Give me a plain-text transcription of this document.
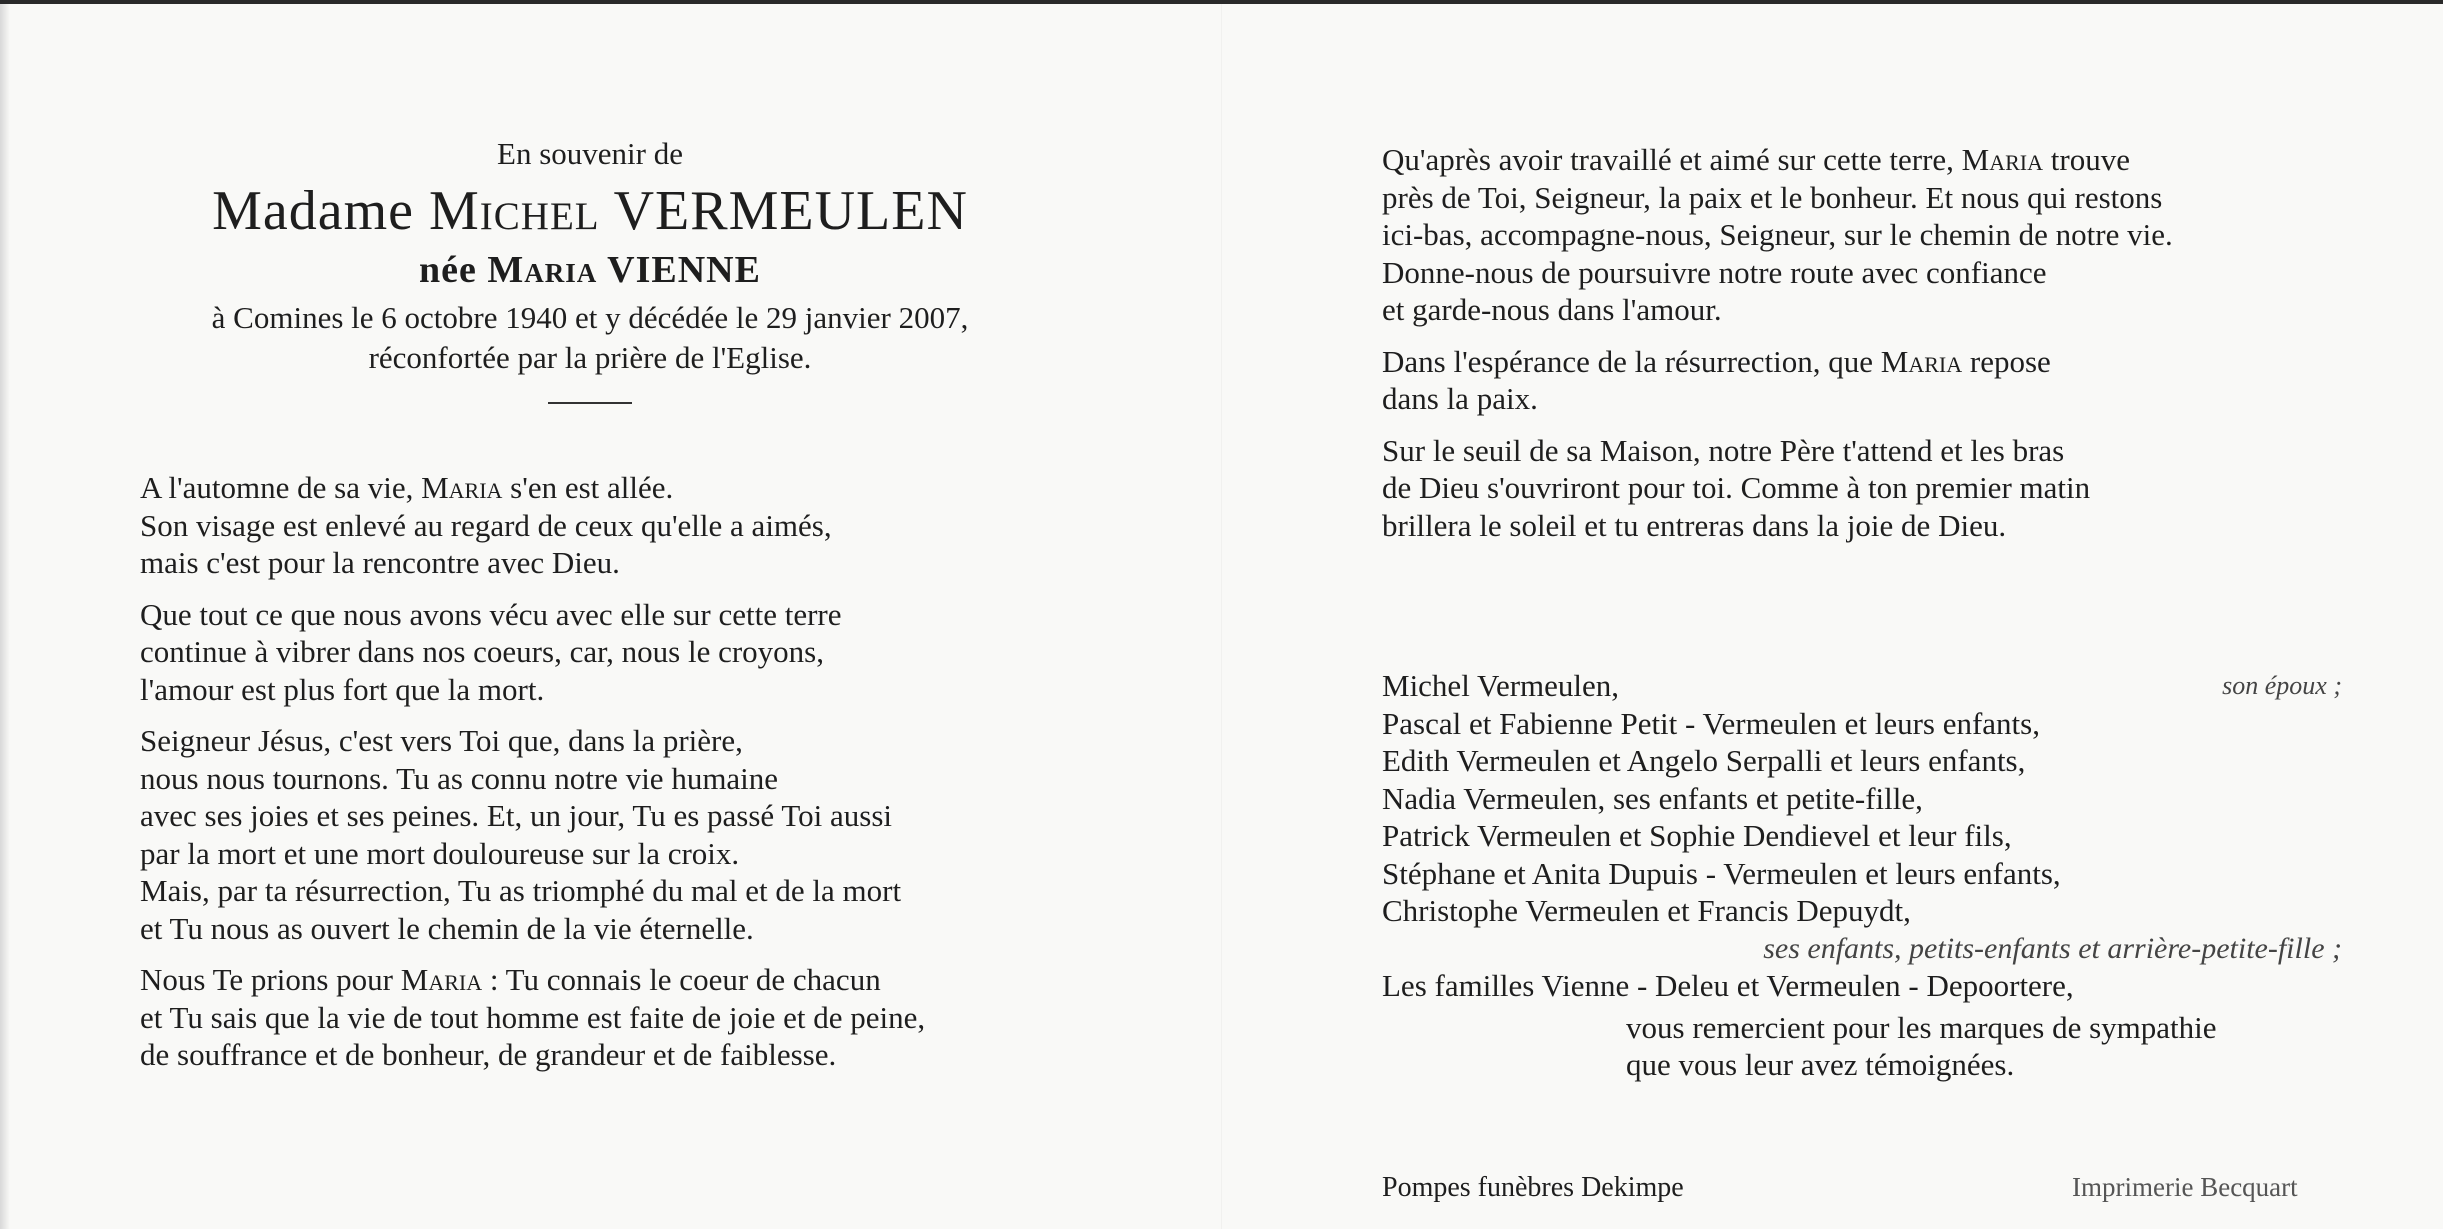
En souvenir de
Madame Michel VERMEULEN
née Maria VIENNE
à Comines le 6 octobre 1940 et y décédée le 29 janvier 2007,
réconfortée par la prière de l'Eglise.

A l'automne de sa vie, Maria s'en est allée.
Son visage est enlevé au regard de ceux qu'elle a aimés,
mais c'est pour la rencontre avec Dieu.

Que tout ce que nous avons vécu avec elle sur cette terre
continue à vibrer dans nos coeurs, car, nous le croyons,
l'amour est plus fort que la mort.

Seigneur Jésus, c'est vers Toi que, dans la prière,
nous nous tournons. Tu as connu notre vie humaine
avec ses joies et ses peines. Et, un jour, Tu es passé Toi aussi
par la mort et une mort douloureuse sur la croix.
Mais, par ta résurrection, Tu as triomphé du mal et de la mort
et Tu nous as ouvert le chemin de la vie éternelle.

Nous Te prions pour Maria : Tu connais le coeur de chacun
et Tu sais que la vie de tout homme est faite de joie et de peine,
de souffrance et de bonheur, de grandeur et de faiblesse.

Qu'après avoir travaillé et aimé sur cette terre, Maria trouve
près de Toi, Seigneur, la paix et le bonheur. Et nous qui restons
ici-bas, accompagne-nous, Seigneur, sur le chemin de notre vie.
Donne-nous de poursuivre notre route avec confiance
et garde-nous dans l'amour.

Dans l'espérance de la résurrection, que Maria repose
dans la paix.

Sur le seuil de sa Maison, notre Père t'attend et les bras
de Dieu s'ouvriront pour toi. Comme à ton premier matin
brillera le soleil et tu entreras dans la joie de Dieu.

Michel Vermeulen,	son époux ;
Pascal et Fabienne Petit - Vermeulen et leurs enfants,
Edith Vermeulen et Angelo Serpalli et leurs enfants,
Nadia Vermeulen, ses enfants et petite-fille,
Patrick Vermeulen et Sophie Dendievel et leur fils,
Stéphane et Anita Dupuis - Vermeulen et leurs enfants,
Christophe Vermeulen et Francis Depuydt,
ses enfants, petits-enfants et arrière-petite-fille ;
Les familles Vienne - Deleu et Vermeulen - Depoortere,
vous remercient pour les marques de sympathie
que vous leur avez témoignées.
Pompes funèbres Dekimpe	Imprimerie Becquart
